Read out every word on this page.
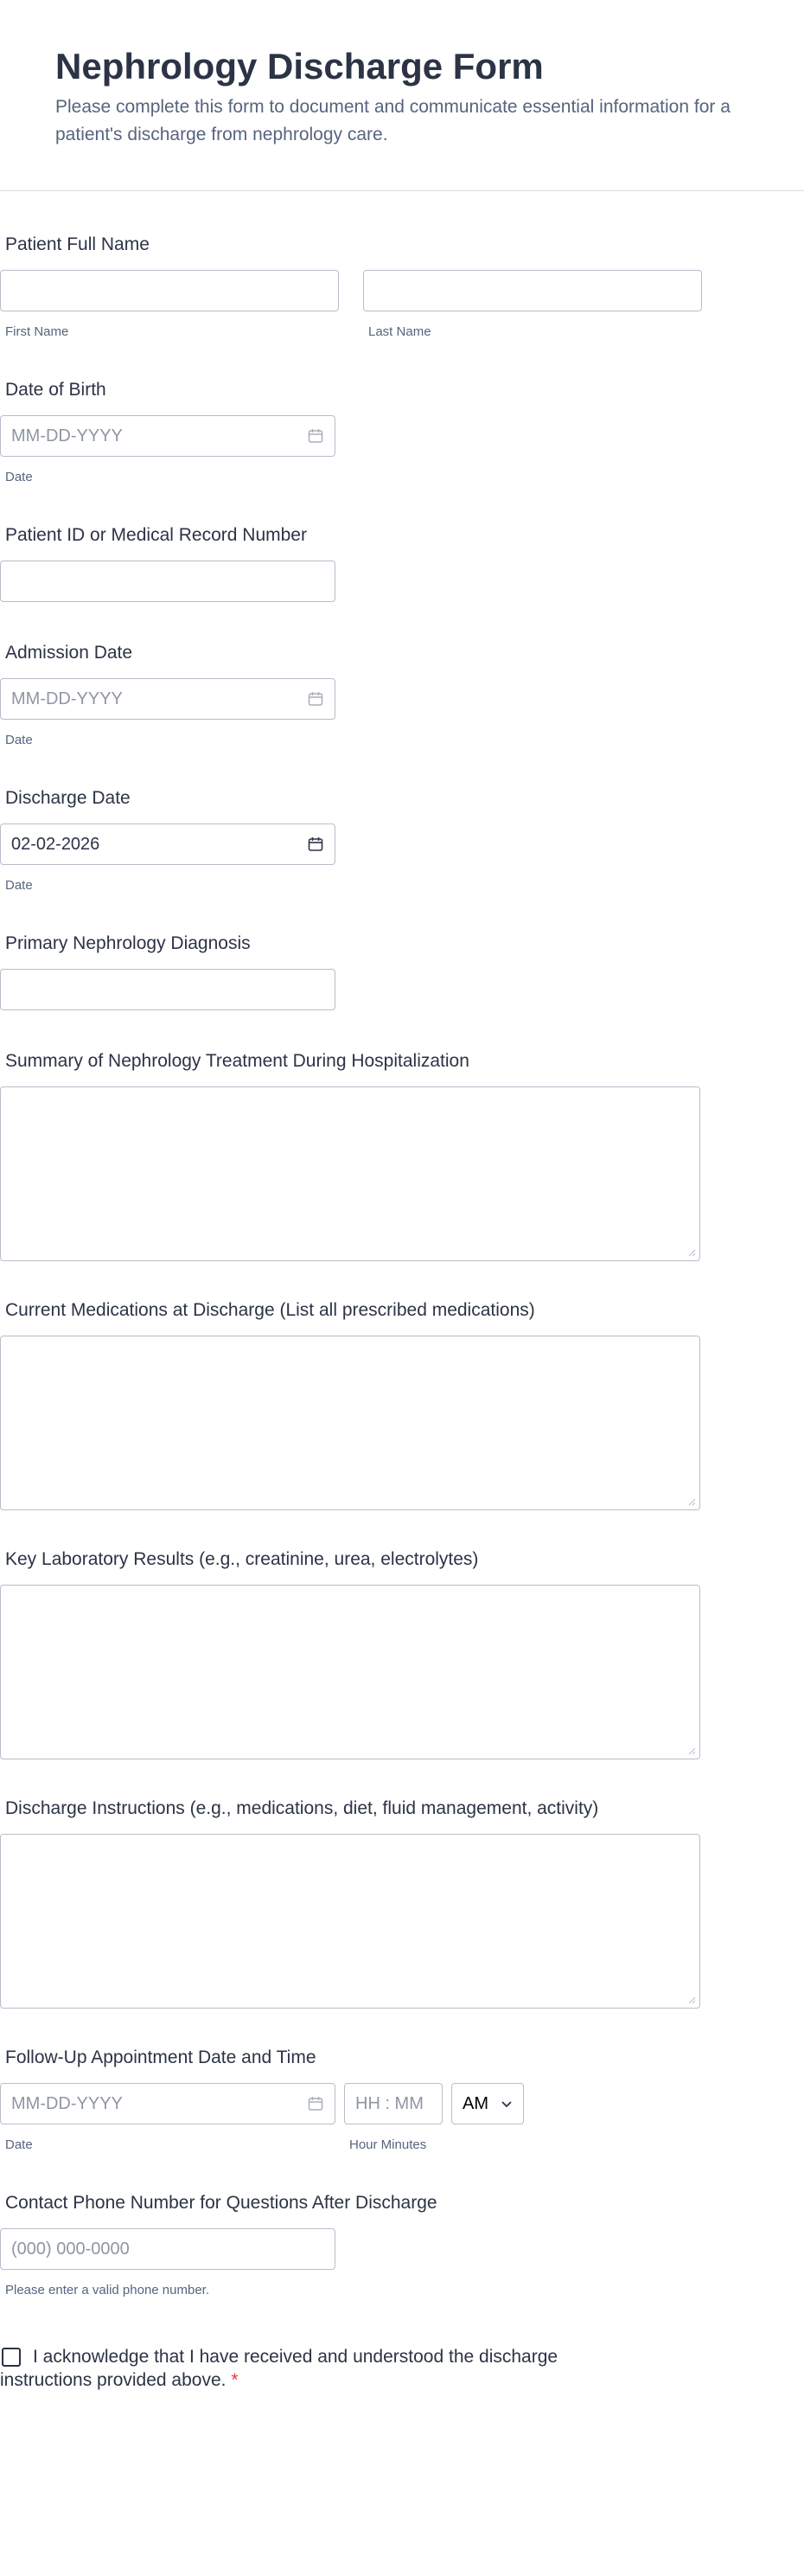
Nephrology Discharge Form
Please complete this form to document and communicate essential information for a patient's discharge from nephrology care.
Patient Full Name
First Name	Last Name
Date of Birth
MM-DD-YYYY
Date
Patient ID or Medical Record Number
Admission Date
MM-DD-YYYY
Date
Discharge Date
02-02-2026
Date
Primary Nephrology Diagnosis
Summary of Nephrology Treatment During Hospitalization
Current Medications at Discharge (List all prescribed medications)
Key Laboratory Results (e.g., creatinine, urea, electrolytes)
Discharge Instructions (e.g., medications, diet, fluid management, activity)
Follow-Up Appointment Date and Time
MM-DD-YYYY
Date
HH : MM
Hour Minutes
AM
Contact Phone Number for Questions After Discharge
(000) 000-0000
Please enter a valid phone number.
I acknowledge that I have received and understood the discharge instructions provided above. *
